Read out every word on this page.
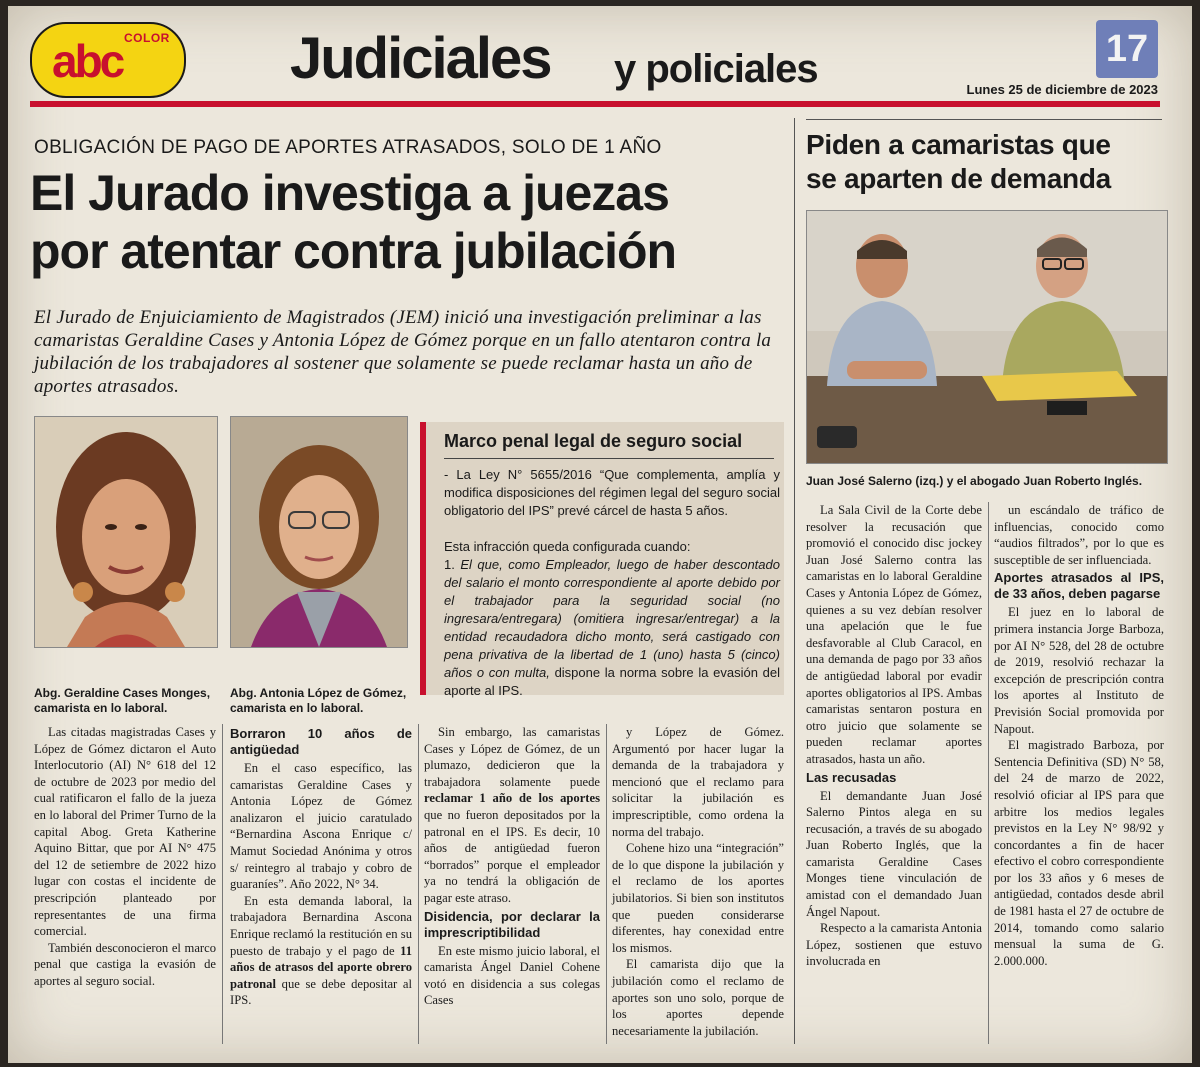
COLOR
abc	Judiciales y policiales	17
Lunes 25 de diciembre de 2023
OBLIGACIÓN DE PAGO DE APORTES ATRASADOS, SOLO DE 1 AÑO
El Jurado investiga a juezas
por atentar contra jubilación
El Jurado de Enjuiciamiento de Magistrados (JEM) inició una investigación preliminar a las camaristas Geraldine Cases y Antonia López de Gómez porque en un fallo atentaron contra la jubilación de los trabajadores al sostener que solamente se puede reclamar hasta un año de aportes atrasados.
Abg. Geraldine Cases Monges,
camarista en lo laboral.
Abg. Antonia López de Gómez,
camarista en lo laboral.
Marco penal legal de seguro social
- La Ley N° 5655/2016 “Que complementa, amplía y modifica disposiciones del régimen legal del seguro social obligatorio del IPS” prevé cárcel de hasta 5 años.
Esta infracción queda configurada cuando:
1. El que, como Empleador, luego de haber descontado del salario el monto correspondiente al aporte debido por el trabajador para la seguridad social (no ingresara/entregara) (omitiera ingresar/entregar) a la entidad recaudadora dicho monto, será castigado con pena privativa de la libertad de 1 (uno) hasta 5 (cinco) años o con multa, dispone la norma sobre la evasión del aporte al IPS.

Las citadas magistradas Cases y López de Gómez dictaron el Auto Interlocutorio (AI) N° 618 del 12 de octubre de 2023 por medio del cual ratificaron el fallo de la jueza en lo laboral del Primer Turno de la capital Abog. Greta Katherine Aquino Bittar, que por AI N° 475 del 12 de setiembre de 2022 hizo lugar con costas el incidente de prescripción planteado por representantes de una firma comercial.

También desconocieron el marco penal que castiga la evasión de aportes al seguro social.

Borraron 10 años de antigüedad

En el caso específico, las camaristas Geraldine Cases y Antonia López de Gómez analizaron el juicio caratulado “Bernardina Ascona Enrique c/ Mamut Sociedad Anónima y otros s/ reintegro al trabajo y cobro de guaraníes”. Año 2022, N° 34.

En esta demanda laboral, la trabajadora Bernardina Ascona Enrique reclamó la restitución en su puesto de trabajo y el pago de 11 años de atrasos del aporte obrero patronal que se debe depositar al IPS.

Sin embargo, las camaristas Cases y López de Gómez, de un plumazo, dedicieron que la trabajadora solamente puede reclamar 1 año de los aportes que no fueron depositados por la patronal en el IPS. Es decir, 10 años de antigüedad fueron “borrados” porque el empleador ya no tendrá la obligación de pagar este atraso.

Disidencia, por declarar la imprescriptibilidad

En este mismo juicio laboral, el camarista Ángel Daniel Cohene votó en disidencia a sus colegas Cases

y López de Gómez. Argumentó por hacer lugar la demanda de la trabajadora y mencionó que el reclamo para solicitar la jubilación es imprescriptible, como ordena la norma del trabajo.

Cohene hizo una “integración” de lo que dispone la jubilación y el reclamo de los aportes jubilatorios. Si bien son institutos que pueden considerarse diferentes, hay conexidad entre los mismos.

El camarista dijo que la jubilación como el reclamo de aportes son uno solo, porque de los aportes depende necesariamente la jubilación.

Piden a camaristas que
se aparten de demanda
Juan José Salerno (izq.) y el abogado Juan Roberto Inglés.

La Sala Civil de la Corte debe resolver la recusación que promovió el conocido disc jockey Juan José Salerno contra las camaristas en lo laboral Geraldine Cases y Antonia López de Gómez, quienes a su vez debían resolver una apelación que le fue desfavorable al Club Caracol, en una demanda de pago por 33 años de antigüedad laboral por evadir aportes obligatorios al IPS. Ambas camaristas sentaron postura en otro juicio que solamente se pueden reclamar aportes atrasados, hasta un año.

Las recusadas

El demandante Juan José Salerno Pintos alega en su recusación, a través de su abogado Juan Roberto Inglés, que la camarista Geraldine Cases Monges tiene vinculación de amistad con el demandado Juan Ángel Napout.

Respecto a la camarista Antonia López, sostienen que estuvo involucrada en

un escándalo de tráfico de influencias, conocido como “audios filtrados”, por lo que es susceptible de ser influenciada.

Aportes atrasados al IPS, de 33 años, deben pagarse

El juez en lo laboral de primera instancia Jorge Barboza, por AI N° 528, del 28 de octubre de 2019, resolvió rechazar la excepción de prescripción contra los aportes al Instituto de Previsión Social promovida por Napout.

El magistrado Barboza, por Sentencia Definitiva (SD) N° 58, del 24 de marzo de 2022, resolvió oficiar al IPS para que arbitre los medios legales previstos en la Ley N° 98/92 y concordantes a fin de hacer efectivo el cobro correspondiente por los 33 años y 6 meses de antigüedad, contados desde abril de 1981 hasta el 27 de octubre de 2014, tomando como salario mensual la suma de G. 2.000.000.
